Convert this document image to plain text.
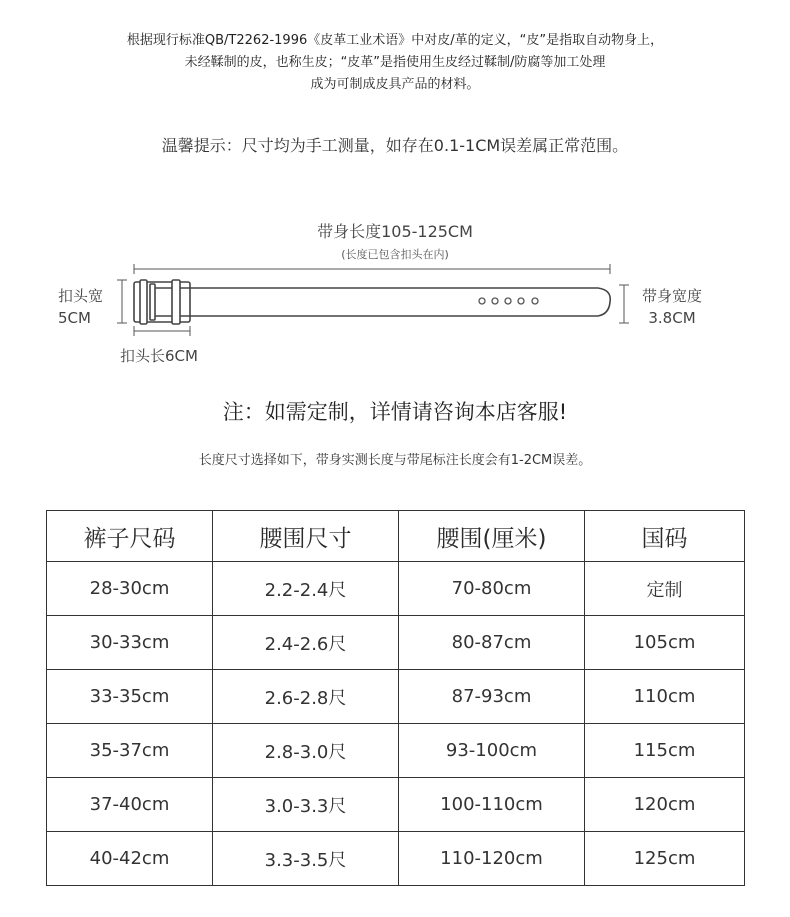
根据现行标准QB/T2262-1996《皮革工业术语》中对皮/革的定义，“皮”是指取自动物身上，
未经鞣制的皮，也称生皮；“皮革”是指使用生皮经过鞣制/防腐等加工处理
成为可制成皮具产品的材料。
温馨提示：尺寸均为手工测量，如存在0.1-1CM误差属正常范围。
带身长度105-125CM
(长度已包含扣头在内)
扣头宽
5CM
带身宽度
3.8CM
扣头长6CM
注：如需定制，详情请咨询本店客服!
长度尺寸选择如下，带身实测长度与带尾标注长度会有1-2CM误差。
裤子尺码	腰围尺寸	腰围(厘米)	国码
28-30cm	2.2-2.4尺	70-80cm	定制
30-33cm	2.4-2.6尺	80-87cm	105cm
33-35cm	2.6-2.8尺	87-93cm	110cm
35-37cm	2.8-3.0尺	93-100cm	115cm
37-40cm	3.0-3.3尺	100-110cm	120cm
40-42cm	3.3-3.5尺	110-120cm	125cm
